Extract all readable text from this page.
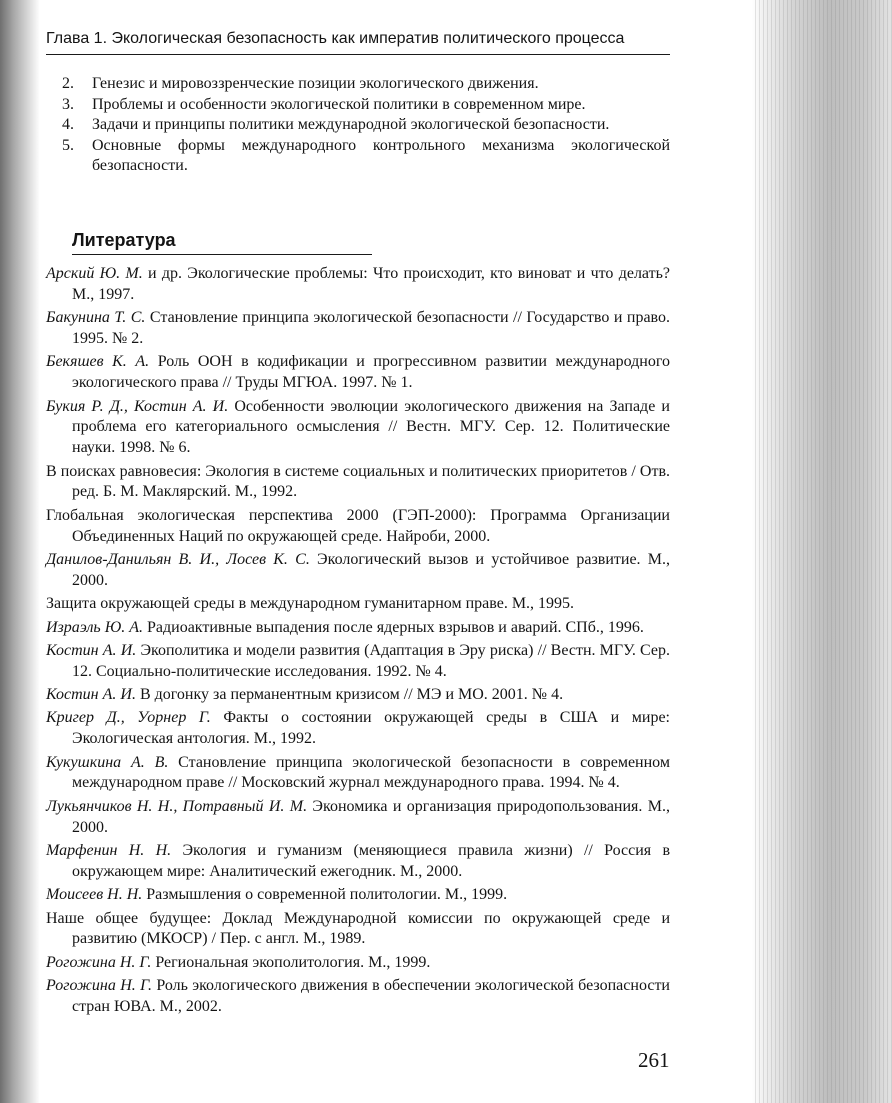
Глава 1. Экологическая безопасность как императив политического процесса
2. Генезис и мировоззренческие позиции экологического движения.
3. Проблемы и особенности экологической политики в современном мире.
4. Задачи и принципы политики международной экологической безопасности.
5. Основные формы международного контрольного механизма экологической безопасности.
Литература
Арский Ю. М. и др. Экологические проблемы: Что происходит, кто виноват и что делать? М., 1997.
Бакунина Т. С. Становление принципа экологической безопасности // Государство и право. 1995. № 2.
Бекяшев К. А. Роль ООН в кодификации и прогрессивном развитии международного экологического права // Труды МГЮА. 1997. № 1.
Букия Р. Д., Костин А. И. Особенности эволюции экологического движения на Западе и проблема его категориального осмысления // Вестн. МГУ. Сер. 12. Политические науки. 1998. № 6.
В поисках равновесия: Экология в системе социальных и политических приоритетов / Отв. ред. Б. М. Маклярский. М., 1992.
Глобальная экологическая перспектива 2000 (ГЭП-2000): Программа Организации Объединенных Наций по окружающей среде. Найроби, 2000.
Данилов-Данильян В. И., Лосев К. С. Экологический вызов и устойчивое развитие. М., 2000.
Защита окружающей среды в международном гуманитарном праве. М., 1995.
Израэль Ю. А. Радиоактивные выпадения после ядерных взрывов и аварий. СПб., 1996.
Костин А. И. Экополитика и модели развития (Адаптация в Эру риска) // Вестн. МГУ. Сер. 12. Социально-политические исследования. 1992. № 4.
Костин А. И. В догонку за перманентным кризисом // МЭ и МО. 2001. № 4.
Кригер Д., Уорнер Г. Факты о состоянии окружающей среды в США и мире: Экологическая антология. М., 1992.
Кукушкина А. В. Становление принципа экологической безопасности в современном международном праве // Московский журнал международного права. 1994. № 4.
Лукьянчиков Н. Н., Потравный И. М. Экономика и организация природопользования. М., 2000.
Марфенин Н. Н. Экология и гуманизм (меняющиеся правила жизни) // Россия в окружающем мире: Аналитический ежегодник. М., 2000.
Моисеев Н. Н. Размышления о современной политологии. М., 1999.
Наше общее будущее: Доклад Международной комиссии по окружающей среде и развитию (МКОСР) / Пер. с англ. М., 1989.
Рогожина Н. Г. Региональная экополитология. М., 1999.
Рогожина Н. Г. Роль экологического движения в обеспечении экологической безопасности стран ЮВА. М., 2002.
261
